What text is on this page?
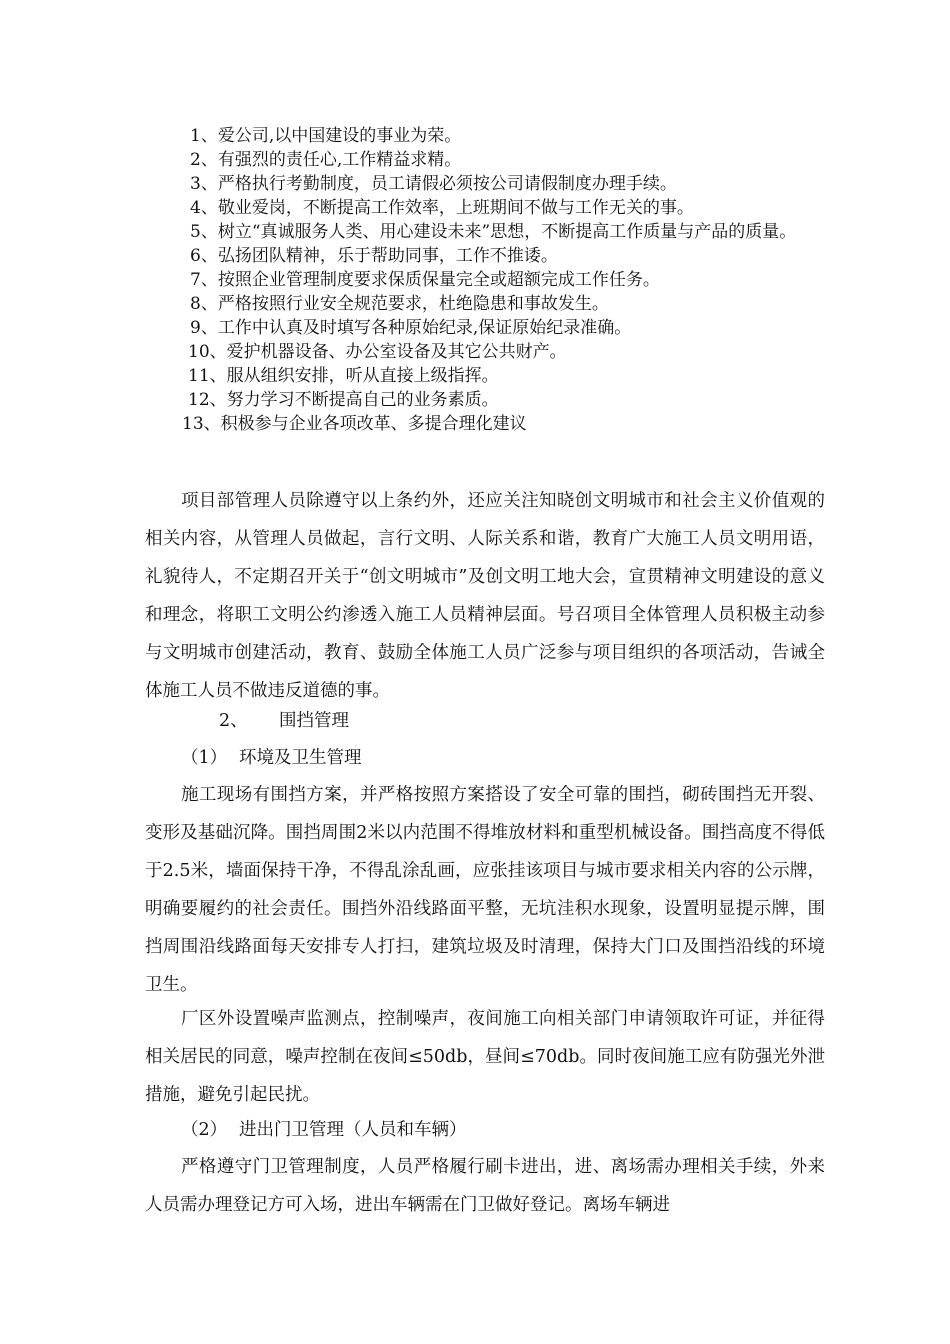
1、爱公司,以中国建设的事业为荣。
2、有强烈的责任心,工作精益求精。
3、严格执行考勤制度，员工请假必须按公司请假制度办理手续。
4、敬业爱岗，不断提高工作效率，上班期间不做与工作无关的事。
5、树立“真诚服务人类、用心建设未来”思想，不断提高工作质量与产品的质量。
6、弘扬团队精神，乐于帮助同事，工作不推诿。
7、按照企业管理制度要求保质保量完全或超额完成工作任务。
8、严格按照行业安全规范要求，杜绝隐患和事故发生。
9、工作中认真及时填写各种原始纪录,保证原始纪录准确。
10、爱护机器设备、办公室设备及其它公共财产。
11、服从组织安排，听从直接上级指挥。
12、努力学习不断提高自己的业务素质。
13、积极参与企业各项改革、多提合理化建议

项目部管理人员除遵守以上条约外，还应关注知晓创文明城市和社会主义价值观的相关内容，从管理人员做起，言行文明、人际关系和谐，教育广大施工人员文明用语，礼貌待人，不定期召开关于“创文明城市”及创文明工地大会，宣贯精神文明建设的意义和理念，将职工文明公约渗透入施工人员精神层面。号召项目全体管理人员积极主动参与文明城市创建活动，教育、鼓励全体施工人员广泛参与项目组织的各项活动，告诫全体施工人员不做违反道德的事。

2、 围挡管理
（1） 环境及卫生管理

施工现场有围挡方案，并严格按照方案搭设了安全可靠的围挡，砌砖围挡无开裂、变形及基础沉降。围挡周围2米以内范围不得堆放材料和重型机械设备。围挡高度不得低于2.5米，墙面保持干净，不得乱涂乱画，应张挂该项目与城市要求相关内容的公示牌，明确要履约的社会责任。围挡外沿线路面平整，无坑洼积水现象，设置明显提示牌，围挡周围沿线路面每天安排专人打扫，建筑垃圾及时清理，保持大门口及围挡沿线的环境卫生。

厂区外设置噪声监测点，控制噪声，夜间施工向相关部门申请领取许可证，并征得相关居民的同意，噪声控制在夜间≤50db，昼间≤70db。同时夜间施工应有防强光外泄措施，避免引起民扰。

（2） 进出门卫管理（人员和车辆）

严格遵守门卫管理制度，人员严格履行刷卡进出，进、离场需办理相关手续，外来人员需办理登记方可入场，进出车辆需在门卫做好登记。离场车辆进
